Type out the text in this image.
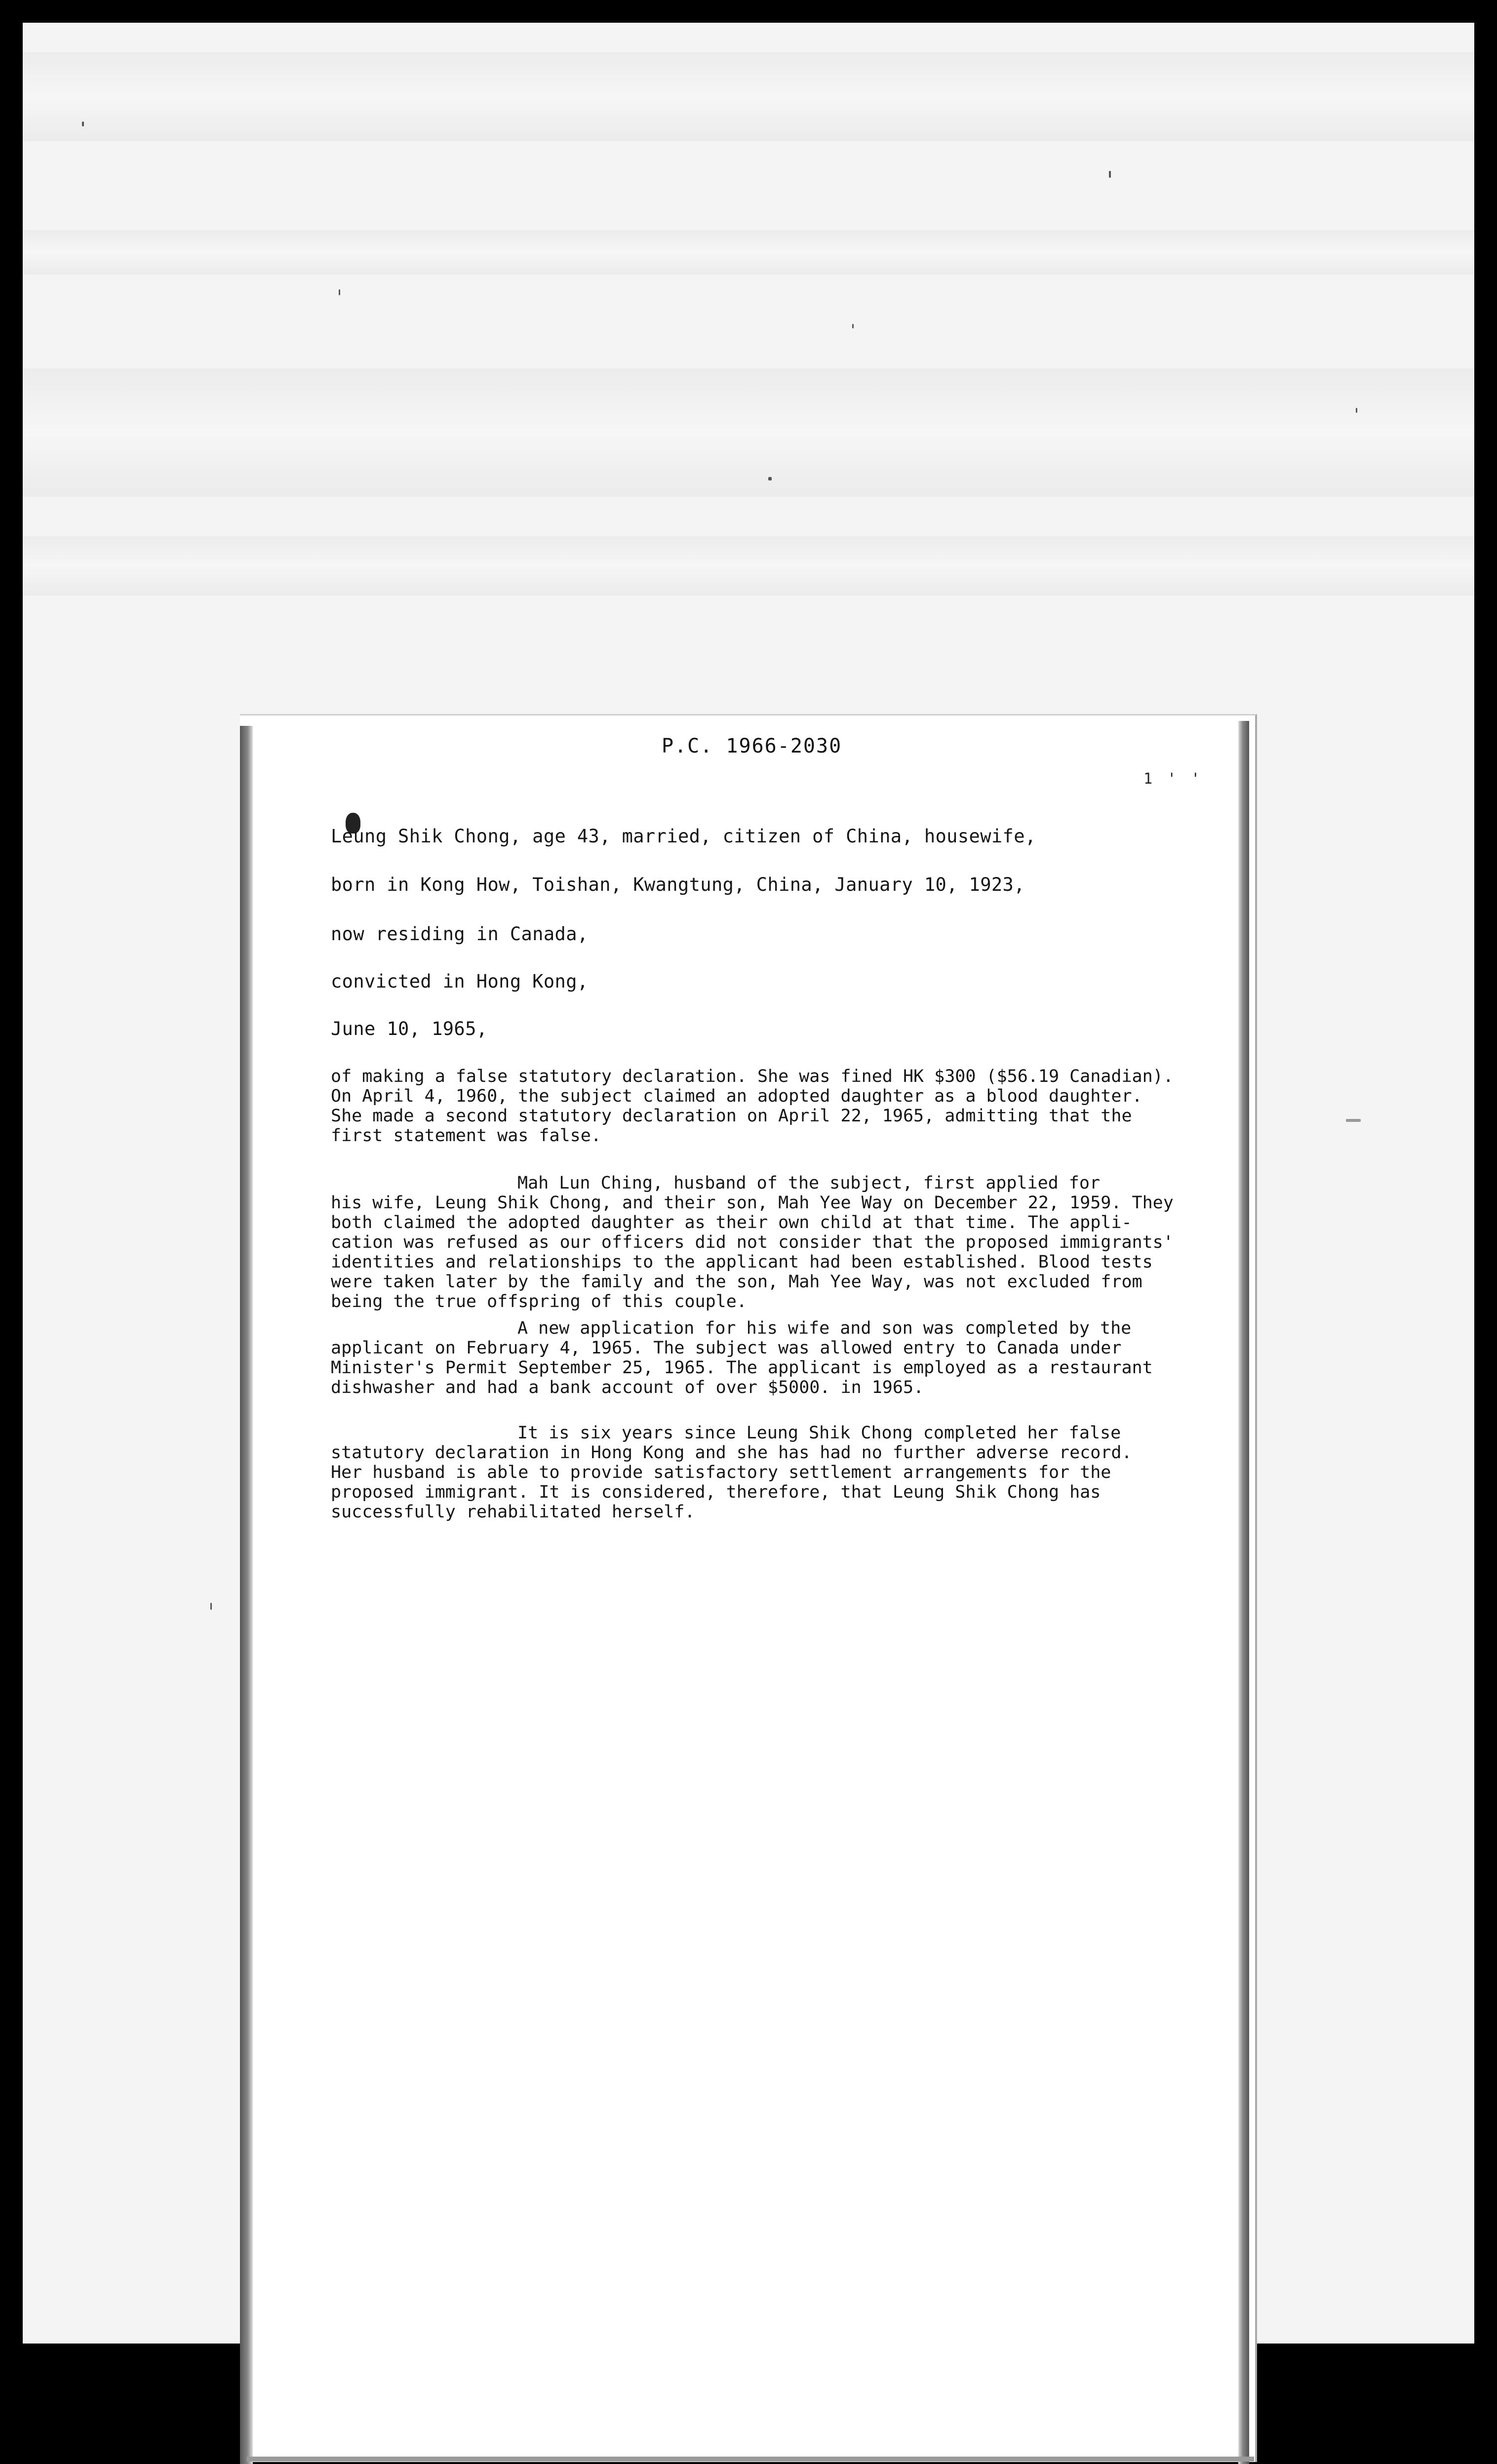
P.C. 1966-2030
1 ' '
Leung Shik Chong, age 43, married, citizen of China, housewife,
born in Kong How, Toishan, Kwangtung, China, January 10, 1923,
now residing in Canada,
convicted in Hong Kong,
June 10, 1965,
of making a false statutory declaration. She was fined HK $300 ($56.19 Canadian).
On April 4, 1960, the subject claimed an adopted daughter as a blood daughter.
She made a second statutory declaration on April 22, 1965, admitting that the
first statement was false.
Mah Lun Ching, husband of the subject, first applied for
his wife, Leung Shik Chong, and their son, Mah Yee Way on December 22, 1959. They
both claimed the adopted daughter as their own child at that time. The appli-
cation was refused as our officers did not consider that the proposed immigrants'
identities and relationships to the applicant had been established. Blood tests
were taken later by the family and the son, Mah Yee Way, was not excluded from
being the true offspring of this couple.
A new application for his wife and son was completed by the
applicant on February 4, 1965. The subject was allowed entry to Canada under
Minister's Permit September 25, 1965. The applicant is employed as a restaurant
dishwasher and had a bank account of over $5000. in 1965.
It is six years since Leung Shik Chong completed her false
statutory declaration in Hong Kong and she has had no further adverse record.
Her husband is able to provide satisfactory settlement arrangements for the
proposed immigrant. It is considered, therefore, that Leung Shik Chong has
successfully rehabilitated herself.
